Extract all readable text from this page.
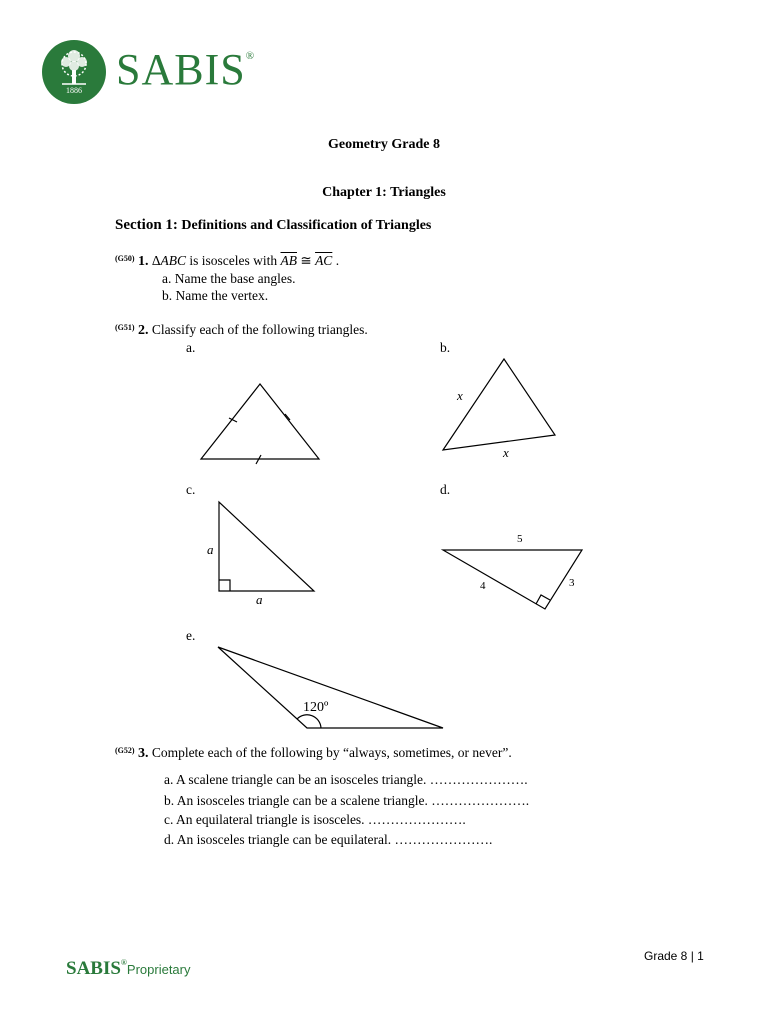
1886 SABIS®
Geometry Grade 8
Chapter 1: Triangles
Section 1: Definitions and Classification of Triangles
$^{(G50)}$ 1. ΔABC is isosceles with $\overline{AB}$ ≅ $\overline{AC}$ .
a. Name the base angles.
b. Name the vertex.
$^{(G51)}$ 2. Classify each of the following triangles.
a.	b.
c.	d.
e.
x
x
a
a
5
4	3
120º
$^{(G52)}$ 3. Complete each of the following by “always, sometimes, or never”.
a. A scalene triangle can be an isosceles triangle. ………………….
b. An isosceles triangle can be a scalene triangle. ………………….
c. An equilateral triangle is isosceles. ………………….
d. An isosceles triangle can be equilateral. ………………….
SABIS®Proprietary
Grade 8 | 1
